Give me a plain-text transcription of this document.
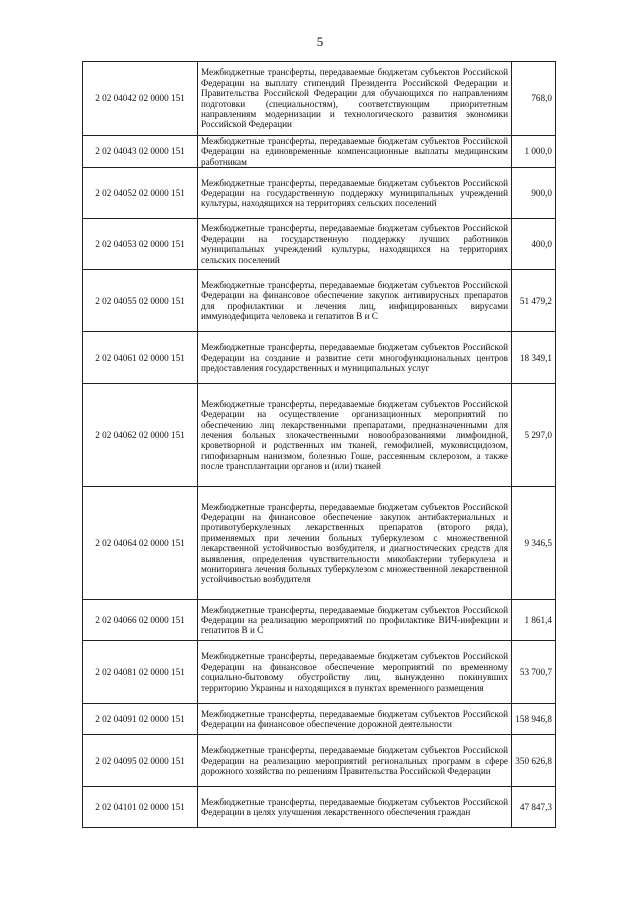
5
2 02 04042 02 0000 151	Межбюджетные трансферты, передаваемые бюджетам субъектов Российской Федерации на выплату стипендий Президента Российской Федерации и Правительства Российской Федерации для обучающихся по направлениям подготовки (специальностям), соответствующим приоритетным направлениям модернизации и технологического развития экономики Российской Федерации	768,0
2 02 04043 02 0000 151	Межбюджетные трансферты, передаваемые бюджетам субъектов Российской Федерации на единовременные компенсационные выплаты медицинским работникам	1 000,0
2 02 04052 02 0000 151	Межбюджетные трансферты, передаваемые бюджетам субъектов Российской Федерации на государственную поддержку муниципальных учреждений культуры, находящихся на территориях сельских поселений	900,0
2 02 04053 02 0000 151	Межбюджетные трансферты, передаваемые бюджетам субъектов Российской Федерации на государственную поддержку лучших работников муниципальных учреждений культуры, находящихся на территориях сельских поселений	400,0
2 02 04055 02 0000 151	Межбюджетные трансферты, передаваемые бюджетам субъектов Российской Федерации на финансовое обеспечение закупок антивирусных препаратов для профилактики и лечения лиц, инфицированных вирусами иммунодефицита человека и гепатитов В и С	51 479,2
2 02 04061 02 0000 151	Межбюджетные трансферты, передаваемые бюджетам субъектов Российской Федерации на создание и развитие сети многофункциональных центров предоставления государственных и муниципальных услуг	18 349,1
2 02 04062 02 0000 151	Межбюджетные трансферты, передаваемые бюджетам субъектов Российской Федерации на осуществление организационных мероприятий по обеспечению лиц лекарственными препаратами, предназначенными для лечения больных злокачественными новообразованиями лимфоидной, кроветворной и родственных им тканей, гемофилией, муковисцидозом, гипофизарным нанизмом, болезнью Гоше, рассеянным склерозом, а также после трансплантации органов и (или) тканей	5 297,0
2 02 04064 02 0000 151	Межбюджетные трансферты, передаваемые бюджетам субъектов Российской Федерации на финансовое обеспечение закупок антибактериальных и противотуберкулезных лекарственных препаратов (второго ряда), применяемых при лечении больных туберкулезом с множественной лекарственной устойчивостью возбудителя, и диагностических средств для выявления, определения чувствительности микобактерии туберкулеза и мониторинга лечения больных туберкулезом с множественной лекарственной устойчивостью возбудителя	9 346,5
2 02 04066 02 0000 151	Межбюджетные трансферты, передаваемые бюджетам субъектов Российской Федерации на реализацию мероприятий по профилактике ВИЧ-инфекции и гепатитов В и С	1 861,4
2 02 04081 02 0000 151	Межбюджетные трансферты, передаваемые бюджетам субъектов Российской Федерации на финансовое обеспечение мероприятий по временному социально-бытовому обустройству лиц, вынужденно покинувших территорию Украины и находящихся в пунктах временного размещения	53 700,7
2 02 04091 02 0000 151	Межбюджетные трансферты, передаваемые бюджетам субъектов Российской Федерации на финансовое обеспечение дорожной деятельности	158 946,8
2 02 04095 02 0000 151	Межбюджетные трансферты, передаваемые бюджетам субъектов Российской Федерации на реализацию мероприятий региональных программ в сфере дорожного хозяйства по решениям Правительства Российской Федерации	350 626,8
2 02 04101 02 0000 151	Межбюджетные трансферты, передаваемые бюджетам субъектов Российской Федерации в целях улучшения лекарственного обеспечения граждан	47 847,3
